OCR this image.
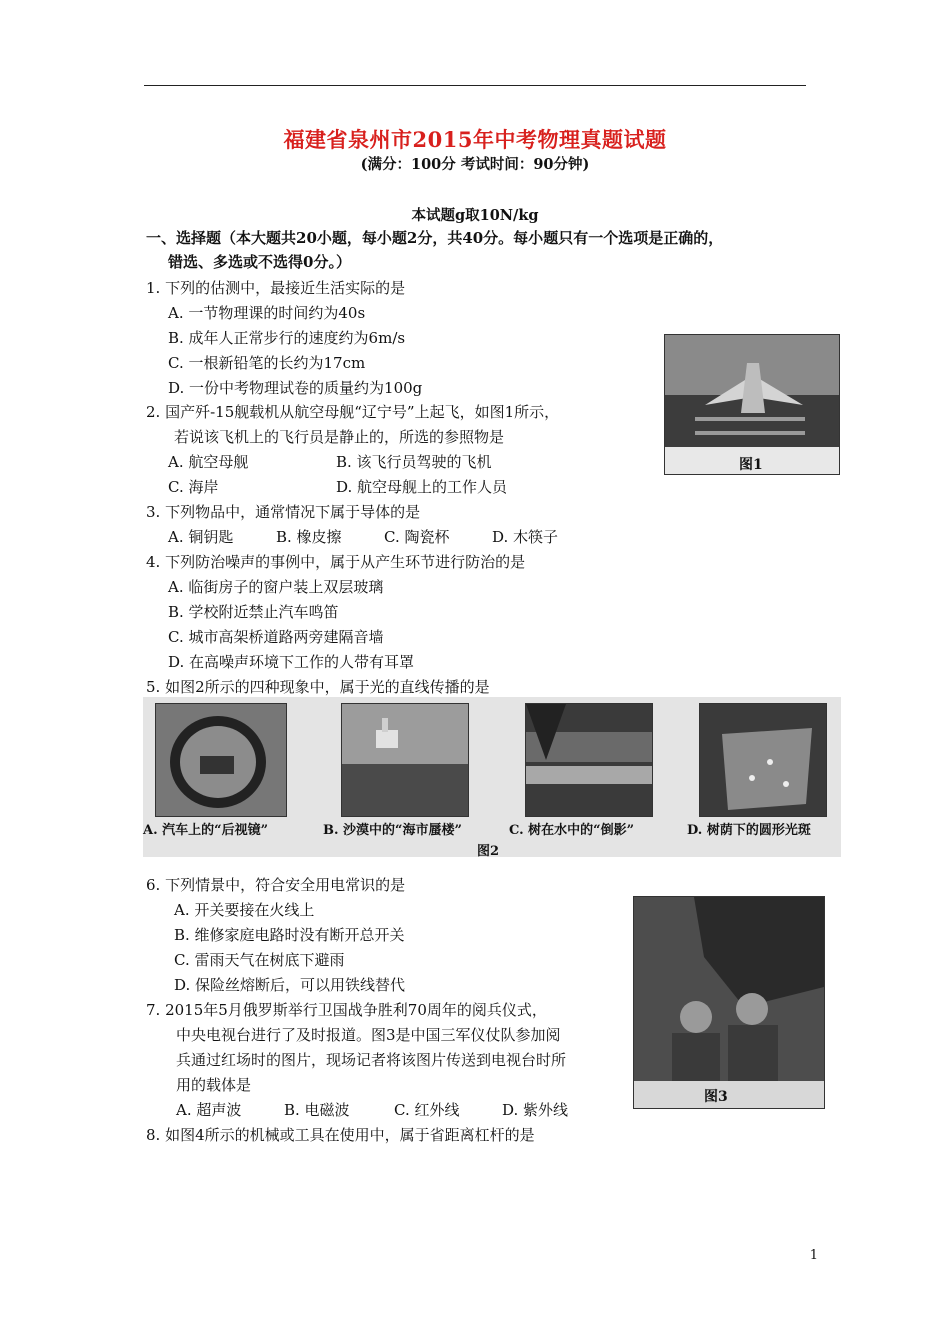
福建省泉州市2015年中考物理真题试题
(满分：100分 考试时间：90分钟)
本试题g取10N/kg
一、选择题（本大题共20小题，每小题2分，共40分。每小题只有一个选项是正确的，
错选、多选或不选得0分。）
1. 下列的估测中，最接近生活实际的是
A. 一节物理课的时间约为40s
B. 成年人正常步行的速度约为6m/s
C. 一根新铅笔的长约为17cm
D. 一份中考物理试卷的质量约为100g
图1
2. 国产歼-15舰载机从航空母舰“辽宁号”上起飞，如图1所示，
若说该飞机上的飞行员是静止的，所选的参照物是
A. 航空母舰	B. 该飞行员驾驶的飞机
C. 海岸	D. 航空母舰上的工作人员
3. 下列物品中，通常情况下属于导体的是
A. 铜钥匙	B. 橡皮擦	C. 陶瓷杯	D. 木筷子
4. 下列防治噪声的事例中，属于从产生环节进行防治的是
A. 临街房子的窗户装上双层玻璃
B. 学校附近禁止汽车鸣笛
C. 城市高架桥道路两旁建隔音墙
D. 在高噪声环境下工作的人带有耳罩
5. 如图2所示的四种现象中，属于光的直线传播的是
A. 汽车上的“后视镜”	B. 沙漠中的“海市蜃楼”	C. 树在水中的“倒影”	D. 树荫下的圆形光斑
图2
6. 下列情景中，符合安全用电常识的是
A. 开关要接在火线上
B. 维修家庭电路时没有断开总开关
C. 雷雨天气在树底下避雨
D. 保险丝熔断后，可以用铁线替代
图3
7. 2015年5月俄罗斯举行卫国战争胜利70周年的阅兵仪式，
中央电视台进行了及时报道。图3是中国三军仪仗队参加阅
兵通过红场时的图片，现场记者将该图片传送到电视台时所
用的载体是
A. 超声波	B. 电磁波	C. 红外线	D. 紫外线
8. 如图4所示的机械或工具在使用中，属于省距离杠杆的是
1
